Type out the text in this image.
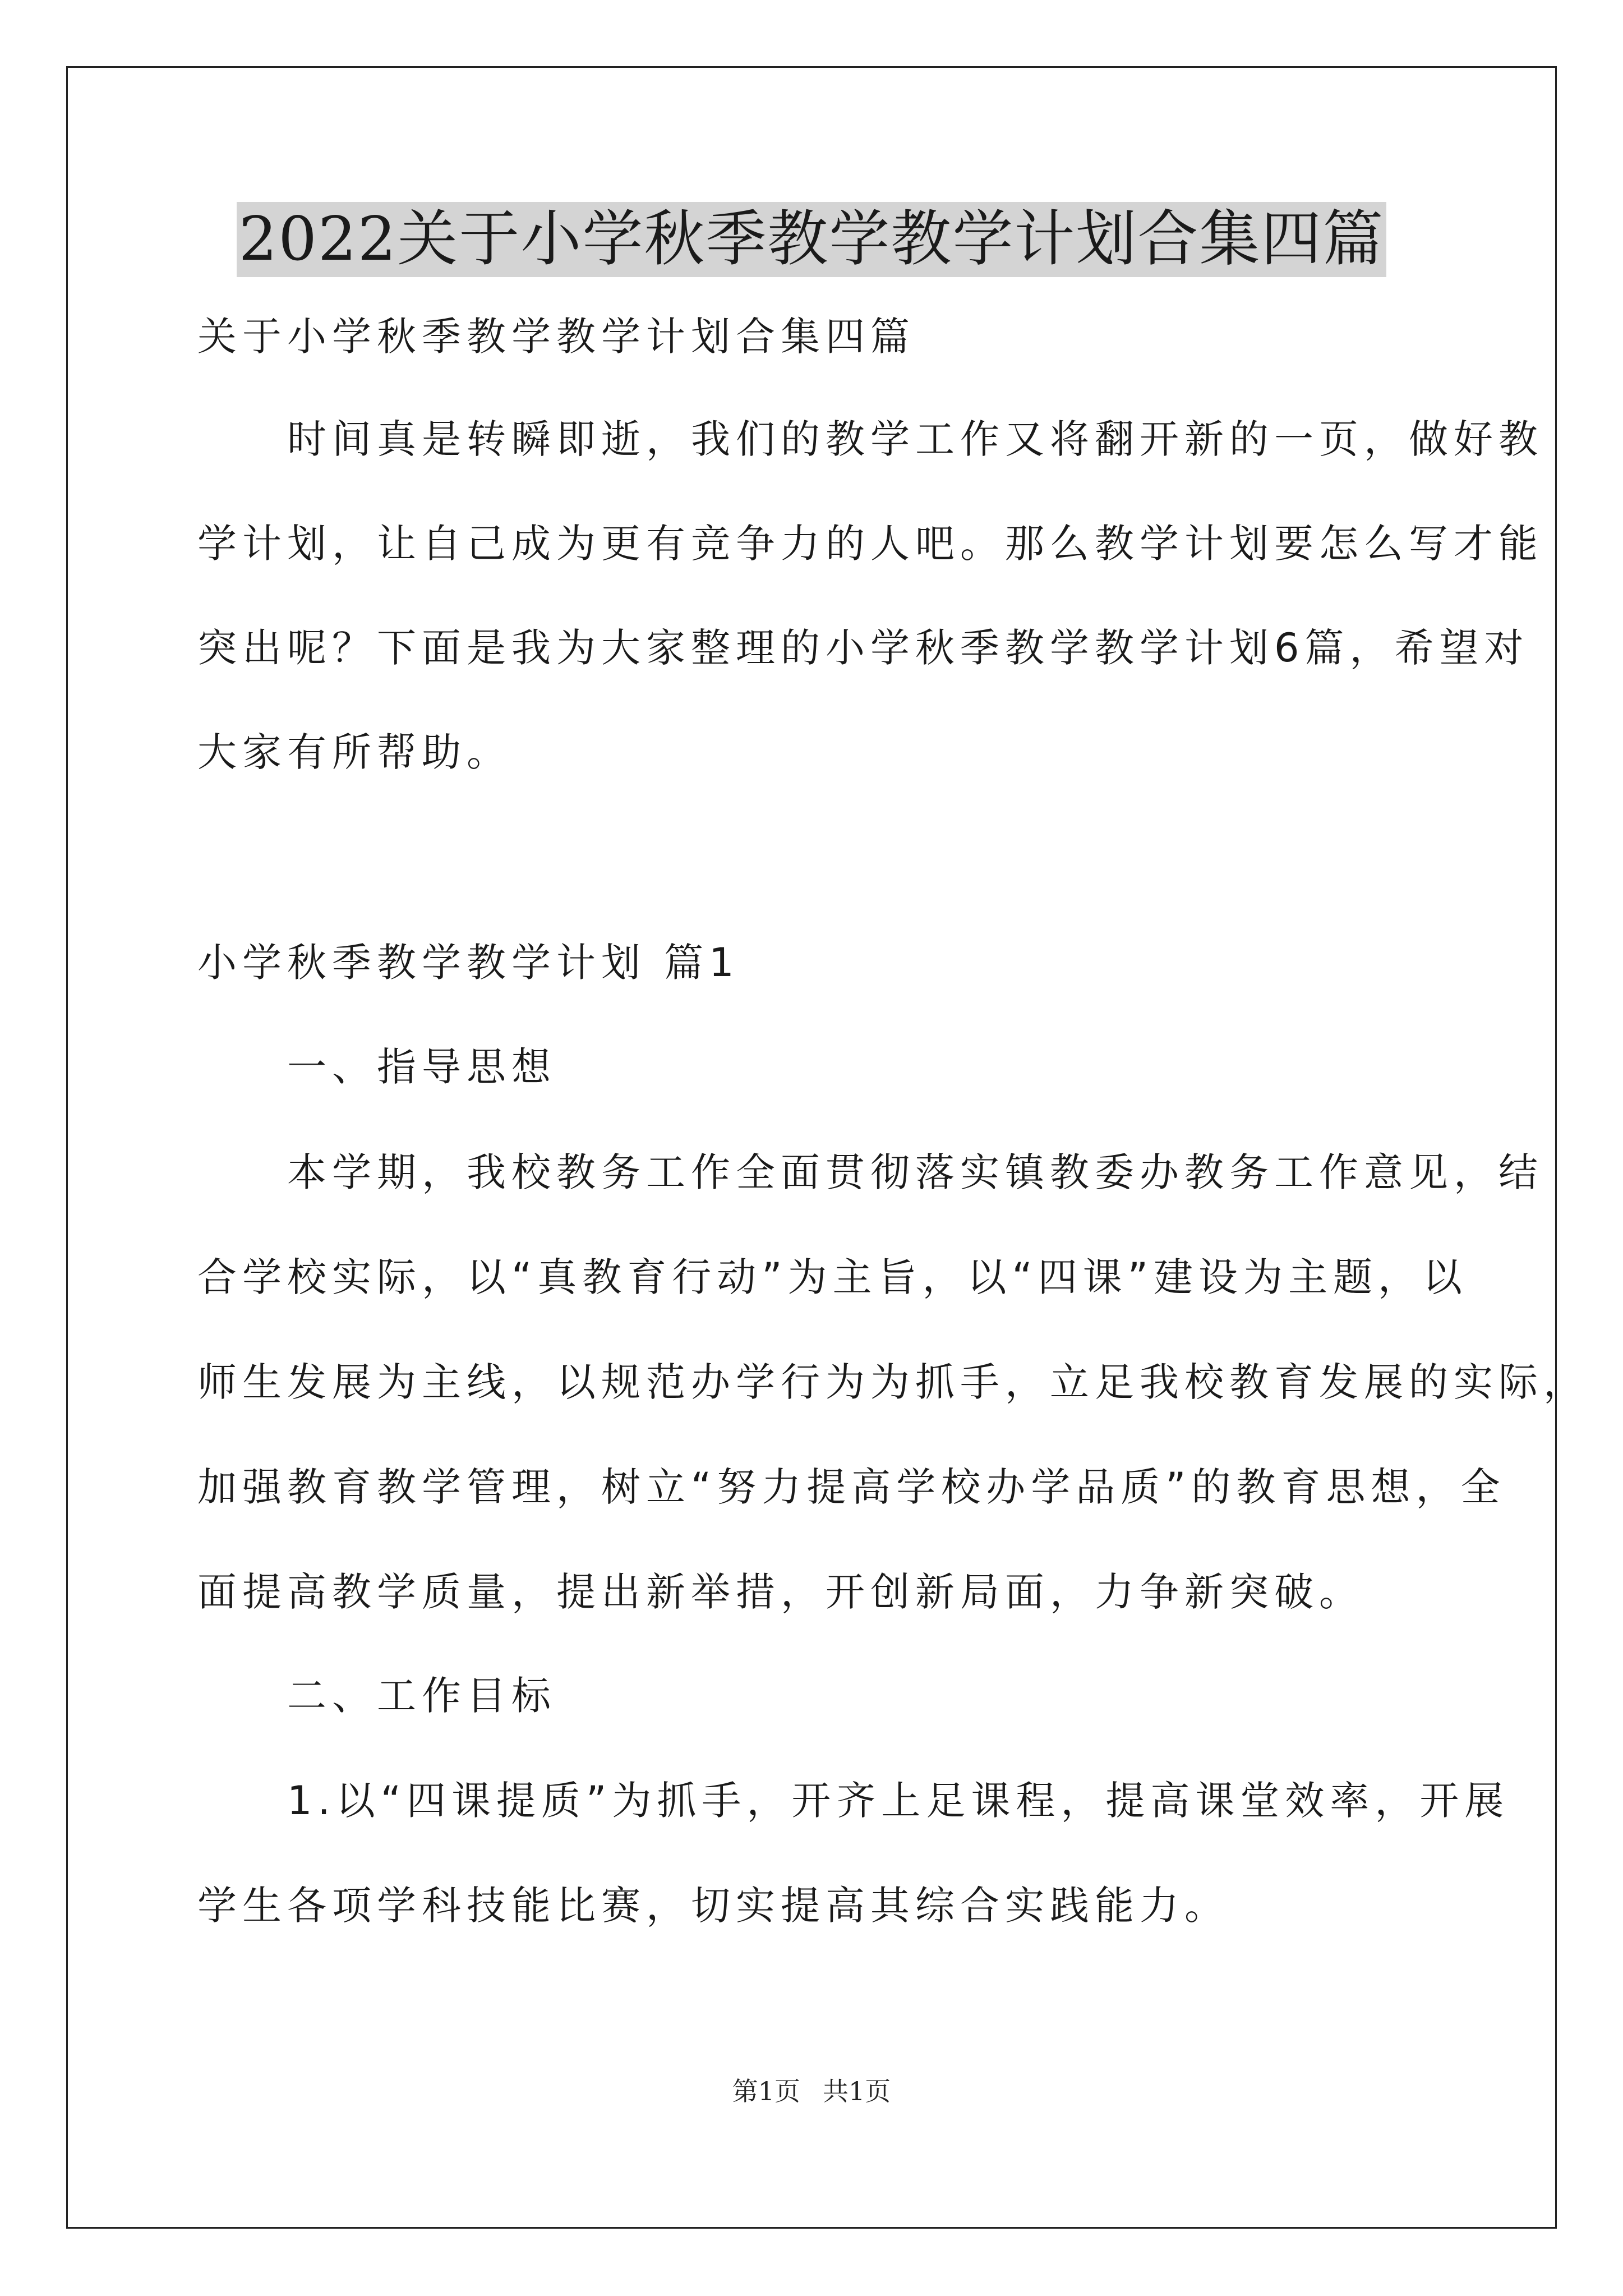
2022关于小学秋季教学教学计划合集四篇
关于小学秋季教学教学计划合集四篇
　　时间真是转瞬即逝，我们的教学工作又将翻开新的一页，做好教
学计划，让自己成为更有竞争力的人吧。那么教学计划要怎么写才能
突出呢？下面是我为大家整理的小学秋季教学教学计划6篇，希望对
大家有所帮助。
小学秋季教学教学计划 篇1
　　一、指导思想
　　本学期，我校教务工作全面贯彻落实镇教委办教务工作意见，结
合学校实际，以“真教育行动”为主旨，以“四课”建设为主题，以
师生发展为主线，以规范办学行为为抓手，立足我校教育发展的实际，
加强教育教学管理，树立“努力提高学校办学品质”的教育思想，全
面提高教学质量，提出新举措，开创新局面，力争新突破。
　　二、工作目标
　　1.以“四课提质”为抓手，开齐上足课程，提高课堂效率，开展
学生各项学科技能比赛，切实提高其综合实践能力。
第1页 共1页
